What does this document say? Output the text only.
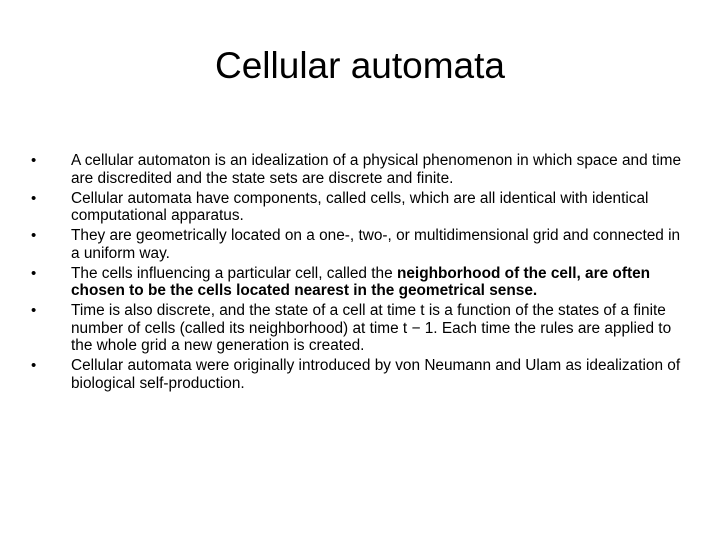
Cellular automata
•	A cellular automaton is an idealization of a physical phenomenon in which space and time are discredited and the state sets are discrete and finite.
•	Cellular automata have components, called cells, which are all identical with identical computational apparatus.
•	They are geometrically located on a one-, two-, or multidimensional grid and connected in a uniform way.
•	The cells influencing a particular cell, called the neighborhood of the cell, are often chosen to be the cells located nearest in the geometrical sense.
•	Time is also discrete, and the state of a cell at time t is a function of the states of a finite number of cells (called its neighborhood) at time t − 1. Each time the rules are applied to the whole grid a new generation is created.
•	Cellular automata were originally introduced by von Neumann and Ulam as idealization of biological self-production.
